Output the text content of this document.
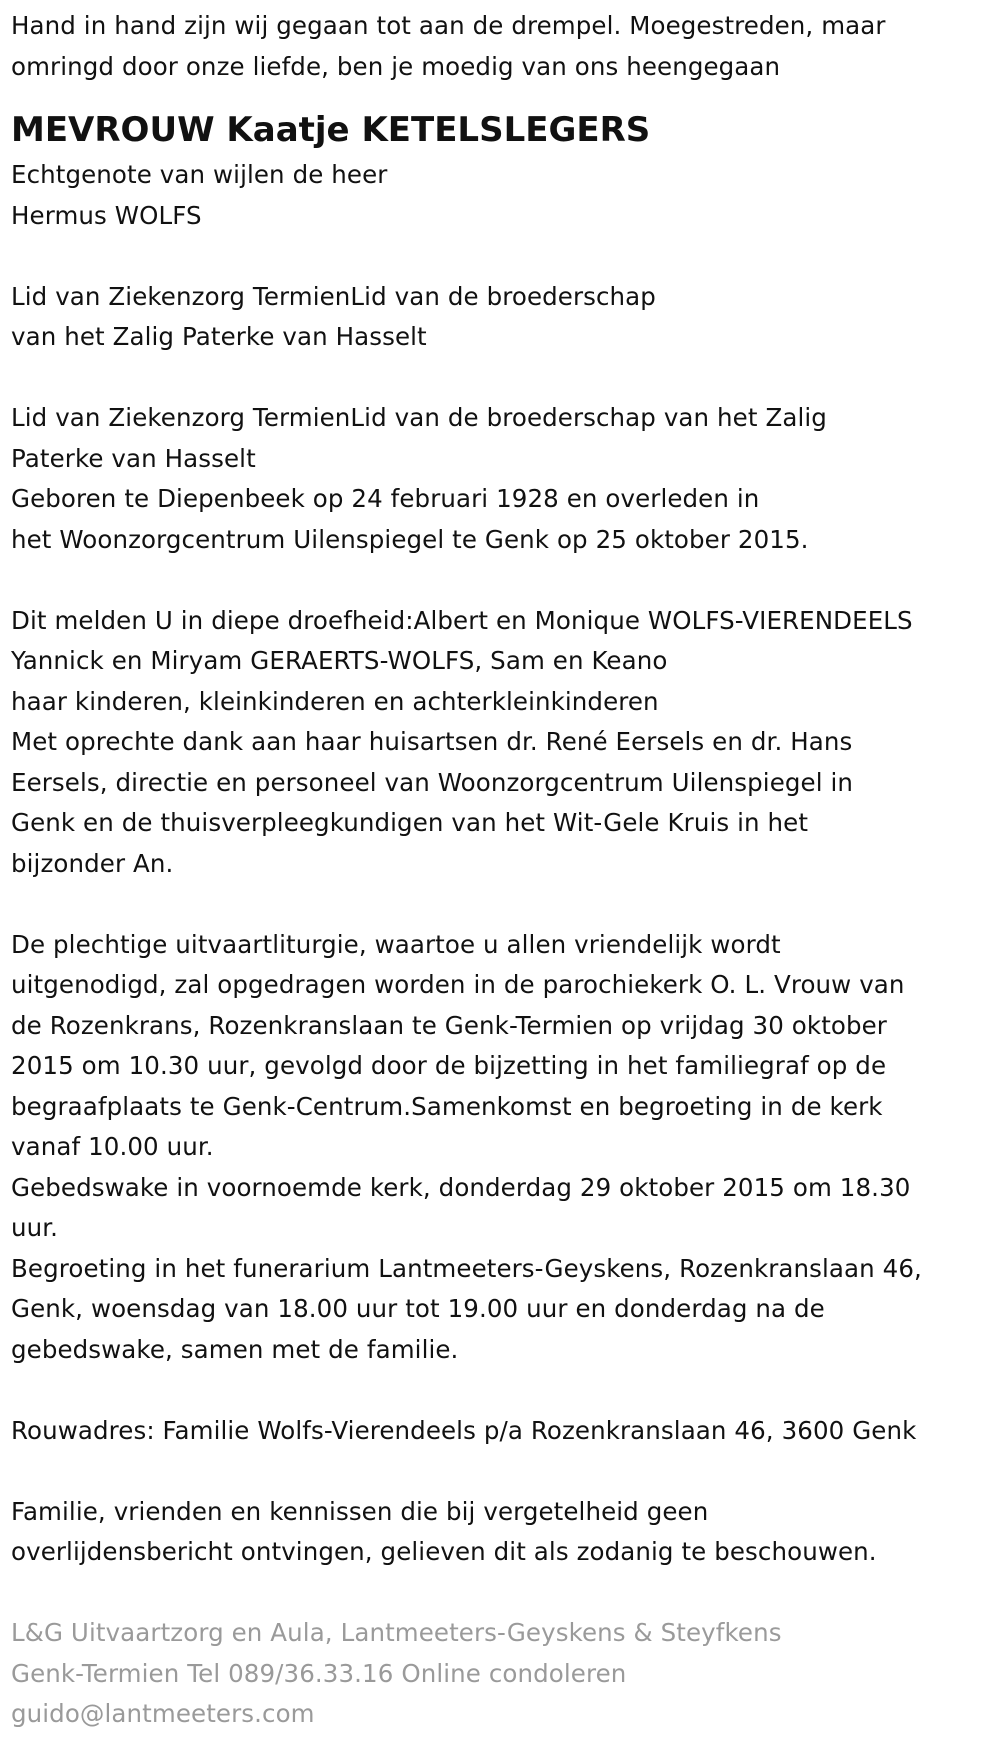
Hand in hand zijn wij gegaan tot aan de drempel. Moegestreden, maar
omringd door onze liefde, ben je moedig van ons heengegaan
MEVROUW Kaatje KETELSLEGERS
Echtgenote van wijlen de heer
Hermus WOLFS
Lid van Ziekenzorg TermienLid van de broederschap
van het Zalig Paterke van Hasselt
Lid van Ziekenzorg TermienLid van de broederschap van het Zalig
Paterke van Hasselt
Geboren te Diepenbeek op 24 februari 1928 en overleden in
het Woonzorgcentrum Uilenspiegel te Genk op 25 oktober 2015.
Dit melden U in diepe droefheid:Albert en Monique WOLFS-VIERENDEELS
Yannick en Miryam GERAERTS-WOLFS, Sam en Keano
haar kinderen, kleinkinderen en achterkleinkinderen
Met oprechte dank aan haar huisartsen dr. René Eersels en dr. Hans
Eersels, directie en personeel van Woonzorgcentrum Uilenspiegel in
Genk en de thuisverpleegkundigen van het Wit-Gele Kruis in het
bijzonder An.
De plechtige uitvaartliturgie, waartoe u allen vriendelijk wordt
uitgenodigd, zal opgedragen worden in de parochiekerk O. L. Vrouw van
de Rozenkrans, Rozenkranslaan te Genk-Termien op vrijdag 30 oktober
2015 om 10.30 uur, gevolgd door de bijzetting in het familiegraf op de
begraafplaats te Genk-Centrum.Samenkomst en begroeting in de kerk
vanaf 10.00 uur.
Gebedswake in voornoemde kerk, donderdag 29 oktober 2015 om 18.30
uur.
Begroeting in het funerarium Lantmeeters-Geyskens, Rozenkranslaan 46,
Genk, woensdag van 18.00 uur tot 19.00 uur en donderdag na de
gebedswake, samen met de familie.
Rouwadres: Familie Wolfs-Vierendeels p/a Rozenkranslaan 46, 3600 Genk
Familie, vrienden en kennissen die bij vergetelheid geen
overlijdensbericht ontvingen, gelieven dit als zodanig te beschouwen.
L&G Uitvaartzorg en Aula, Lantmeeters-Geyskens & Steyfkens
Genk-Termien Tel 089/36.33.16 Online condoleren
guido@lantmeeters.com
